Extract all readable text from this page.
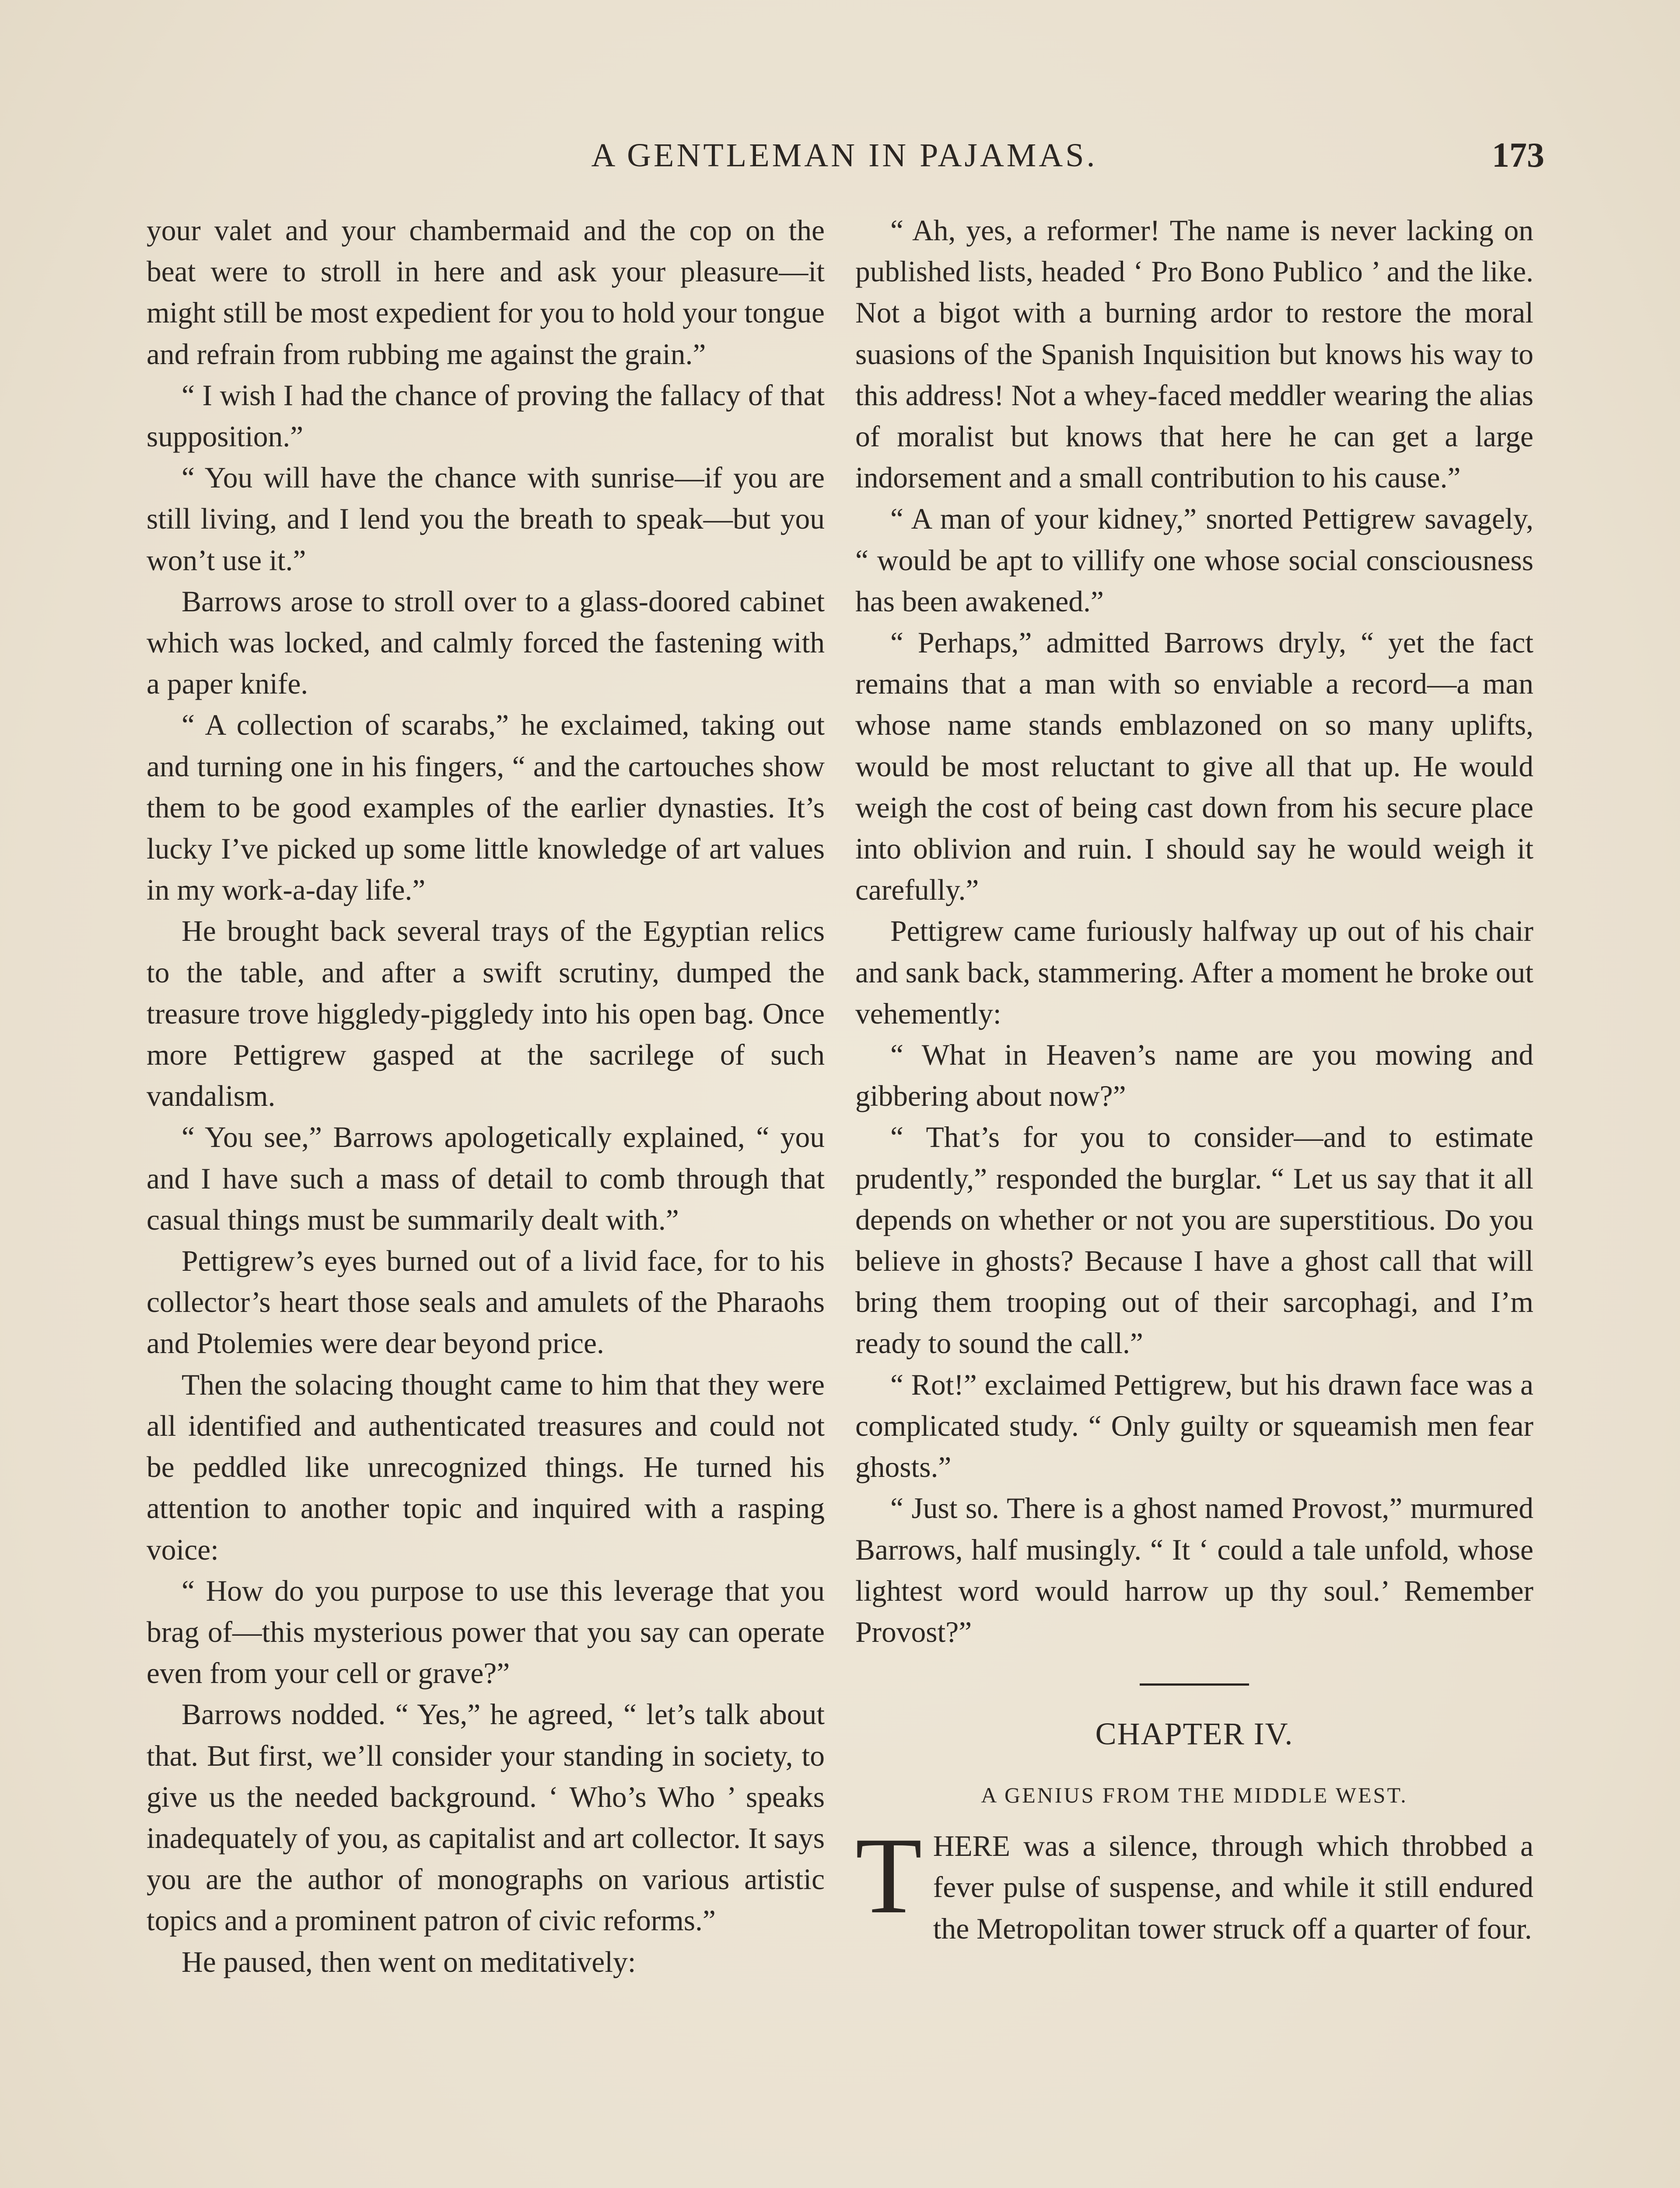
A GENTLEMAN IN PAJAMAS.	173

your valet and your chambermaid and the cop on the beat were to stroll in here and ask your pleasure—it might still be most expedient for you to hold your tongue and refrain from rubbing me against the grain.”

“ I wish I had the chance of proving the fallacy of that supposition.”

“ You will have the chance with sunrise—if you are still living, and I lend you the breath to speak—but you won’t use it.”

Barrows arose to stroll over to a glass-doored cabinet which was locked, and calmly forced the fastening with a paper knife.

“ A collection of scarabs,” he exclaimed, taking out and turning one in his fingers, “ and the cartouches show them to be good examples of the earlier dynasties. It’s lucky I’ve picked up some little knowledge of art values in my work-a-day life.”

He brought back several trays of the Egyptian relics to the table, and after a swift scrutiny, dumped the treasure trove higgledy-piggledy into his open bag. Once more Pettigrew gasped at the sacrilege of such vandalism.

“ You see,” Barrows apologetically explained, “ you and I have such a mass of detail to comb through that casual things must be summarily dealt with.”

Pettigrew’s eyes burned out of a livid face, for to his collector’s heart those seals and amulets of the Pharaohs and Ptolemies were dear beyond price.

Then the solacing thought came to him that they were all identified and authenticated treasures and could not be peddled like unrecognized things. He turned his attention to another topic and inquired with a rasping voice:

“ How do you purpose to use this leverage that you brag of—this mysterious power that you say can operate even from your cell or grave?”

Barrows nodded. “ Yes,” he agreed, “ let’s talk about that. But first, we’ll consider your standing in society, to give us the needed background. ‘ Who’s Who ’ speaks inadequately of you, as capitalist and art collector. It says you are the author of monographs on various artistic topics and a prominent patron of civic reforms.”

He paused, then went on meditatively:

“ Ah, yes, a reformer! The name is never lacking on published lists, headed ‘ Pro Bono Publico ’ and the like. Not a bigot with a burning ardor to restore the moral suasions of the Spanish Inquisition but knows his way to this address! Not a whey-faced meddler wearing the alias of moralist but knows that here he can get a large indorsement and a small contribution to his cause.”

“ A man of your kidney,” snorted Pettigrew savagely, “ would be apt to villify one whose social consciousness has been awakened.”

“ Perhaps,” admitted Barrows dryly, “ yet the fact remains that a man with so enviable a record—a man whose name stands emblazoned on so many uplifts, would be most reluctant to give all that up. He would weigh the cost of being cast down from his secure place into oblivion and ruin. I should say he would weigh it carefully.”

Pettigrew came furiously halfway up out of his chair and sank back, stammering. After a moment he broke out vehemently:

“ What in Heaven’s name are you mowing and gibbering about now?”

“ That’s for you to consider—and to estimate prudently,” responded the burglar. “ Let us say that it all depends on whether or not you are superstitious. Do you believe in ghosts? Because I have a ghost call that will bring them trooping out of their sarcophagi, and I’m ready to sound the call.”

“ Rot!” exclaimed Pettigrew, but his drawn face was a complicated study. “ Only guilty or squeamish men fear ghosts.”

“ Just so. There is a ghost named Provost,” murmured Barrows, half musingly. “ It ‘ could a tale unfold, whose lightest word would harrow up thy soul.’ Remember Provost?”

CHAPTER IV.
A GENIUS FROM THE MIDDLE WEST.

THERE was a silence, through which throbbed a fever pulse of suspense, and while it still endured the Metropolitan tower struck off a quarter of four.
